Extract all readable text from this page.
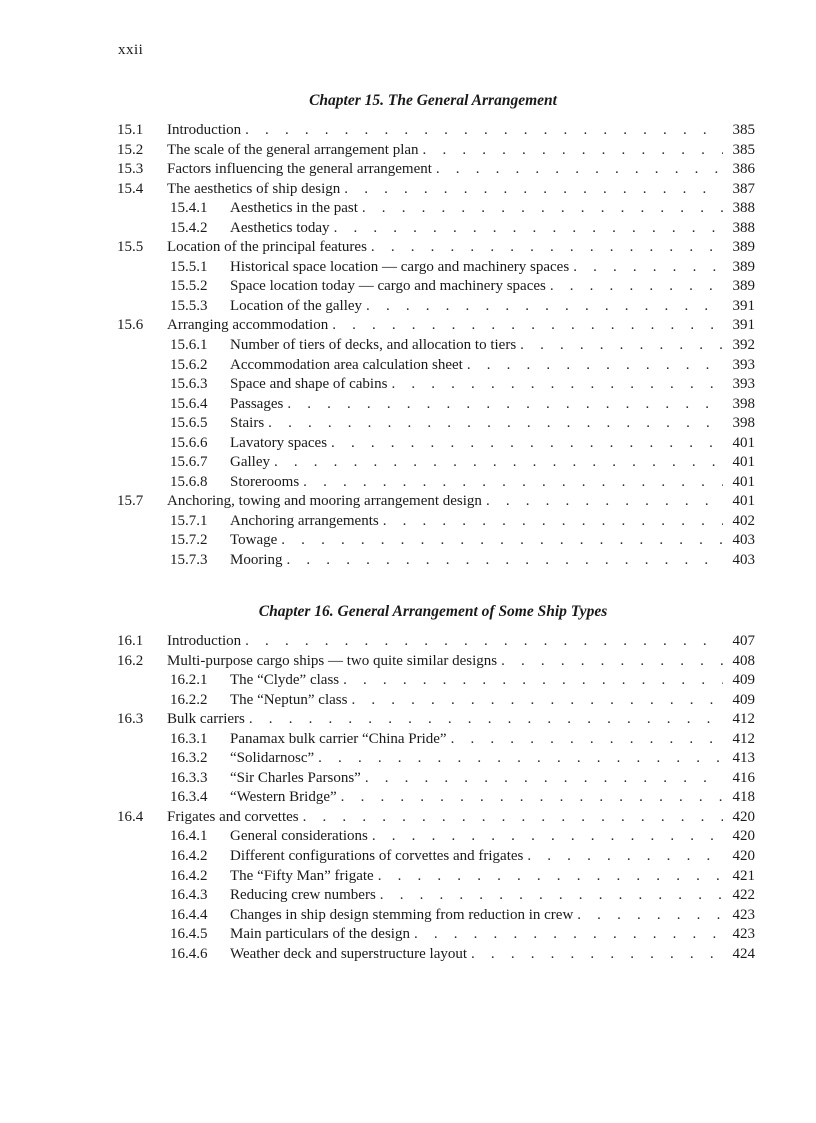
xxii
Chapter 15. The General Arrangement
15.1 Introduction . . .	385
15.2 The scale of the general arrangement plan . . .	385
15.3 Factors influencing the general arrangement . . .	386
15.4 The aesthetics of ship design . . .	387
15.4.1 Aesthetics in the past . . .	388
15.4.2 Aesthetics today . . .	388
15.5 Location of the principal features . . .	389
15.5.1 Historical space location — cargo and machinery spaces . . .	389
15.5.2 Space location today — cargo and machinery spaces . . .	389
15.5.3 Location of the galley . . .	391
15.6 Arranging accommodation . . .	391
15.6.1 Number of tiers of decks, and allocation to tiers . . .	392
15.6.2 Accommodation area calculation sheet . . .	393
15.6.3 Space and shape of cabins . . .	393
15.6.4 Passages . . .	398
15.6.5 Stairs . . .	398
15.6.6 Lavatory spaces . . .	401
15.6.7 Galley . . .	401
15.6.8 Storerooms . . .	401
15.7 Anchoring, towing and mooring arrangement design . . .	401
15.7.1 Anchoring arrangements . . .	402
15.7.2 Towage . . .	403
15.7.3 Mooring . . .	403
Chapter 16. General Arrangement of Some Ship Types
16.1 Introduction . . .	407
16.2 Multi-purpose cargo ships — two quite similar designs . . .	408
16.2.1 The “Clyde” class . . .	409
16.2.2 The “Neptun” class . . .	409
16.3 Bulk carriers . . .	412
16.3.1 Panamax bulk carrier “China Pride” . . .	412
16.3.2 “Solidarnosc” . . .	413
16.3.3 “Sir Charles Parsons” . . .	416
16.3.4 “Western Bridge” . . .	418
16.4 Frigates and corvettes . . .	420
16.4.1 General considerations . . .	420
16.4.2 Different configurations of corvettes and frigates . . .	420
16.4.2 The “Fifty Man” frigate . . .	421
16.4.3 Reducing crew numbers . . .	422
16.4.4 Changes in ship design stemming from reduction in crew . . .	423
16.4.5 Main particulars of the design . . .	423
16.4.6 Weather deck and superstructure layout . . .	424
